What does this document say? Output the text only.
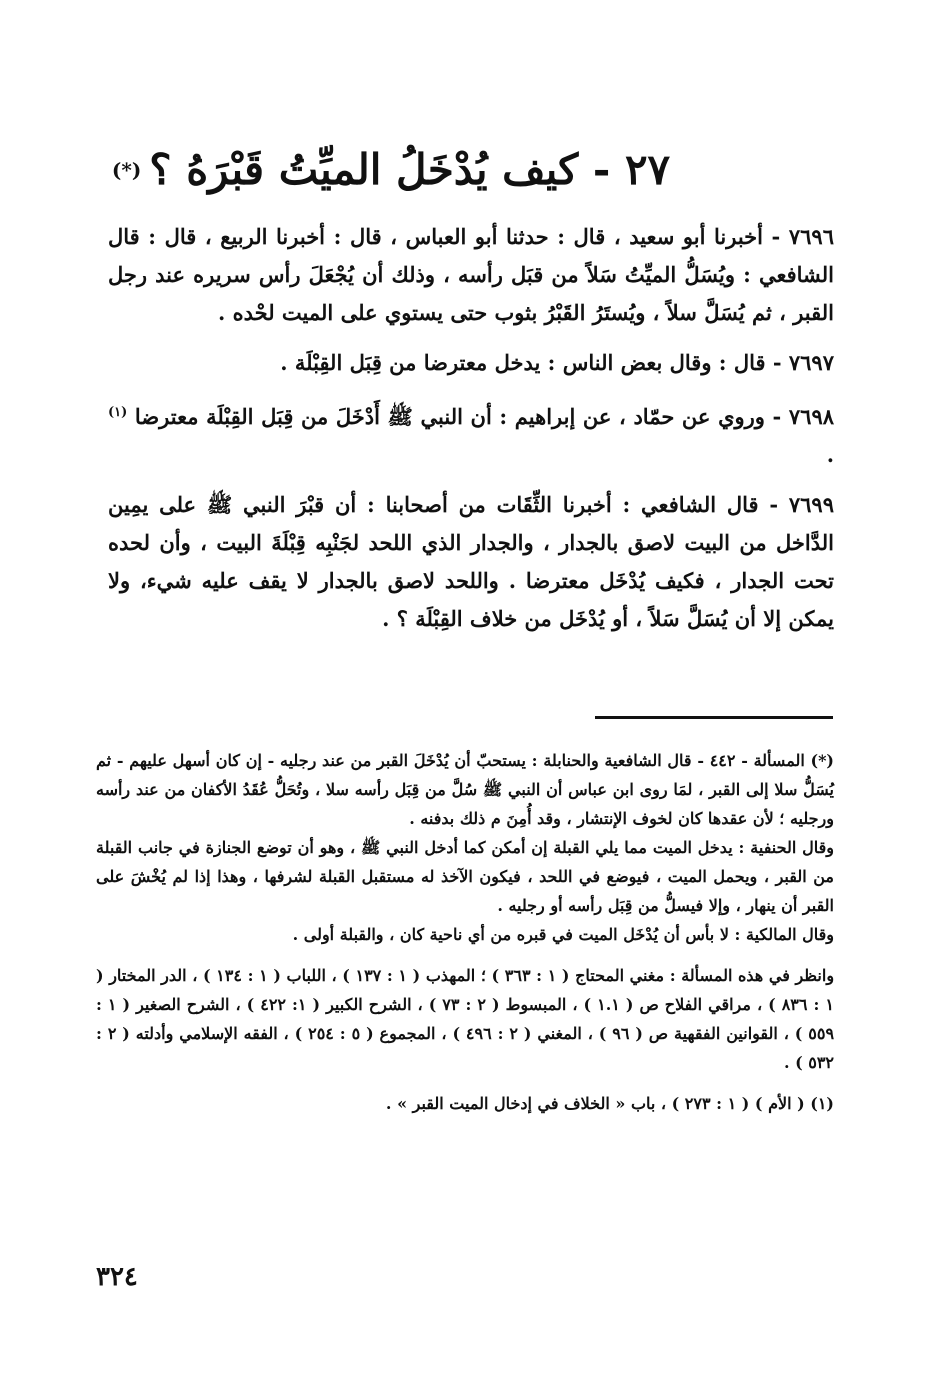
٢٧ - كيف يُدْخَلُ الميِّتُ قَبْرَهُ ؟(*)

٧٦٩٦ - أخبرنا أبو سعيد ، قال : حدثنا أبو العباس ، قال : أخبرنا الربيع ، قال : قال الشافعي : ويُسَلُّ الميِّتُ سَلاً من قبَل رأسه ، وذلك أن يُجْعَلَ رأس سريره عند رجل القبر ، ثم يُسَلَّ سلاً ، ويُستَرُ القَبْرُ بثوب حتى يستوي على الميت لحْده .

٧٦٩٧ - قال : وقال بعض الناس : يدخل معترضا من قِبَل القِبْلَة .

٧٦٩٨ - وروي عن حمّاد ، عن إبراهيم : أن النبي ﷺ أَدْخَلَ من قِبَل القِبْلَة معترضا $^{(١)}$ .

٧٦٩٩ - قال الشافعي : أخبرنا الثِّقَات من أصحابنا : أن قبْرَ النبي ﷺ على يمِين الدَّاخل من البيت لاصق بالجدار ، والجدار الذي اللحد لجَنْبِه قِبْلَةَ البيت ، وأن لحده تحت الجدار ، فكيف يُدْخَل معترضا . واللحد لاصق بالجدار لا يقف عليه شيء، ولا يمكن إلا أن يُسَلَّ سَلاً ، أو يُدْخَل من خلاف القِبْلَة ؟ .

(*) المسألة - ٤٤٢ - قال الشافعية والحنابلة : يستحبّ أن يُدْخَلَ القبر من عند رجليه - إن كان أسهل عليهم - ثم يُسَلُّ سلا إلى القبر ، لمَا روى ابن عباس أن النبي ﷺ سُلَّ من قِبَل رأسه سلا ، وتُحَلُّ عُقَدُ الأكفان من عند رأسه ورجليه ؛ لأن عقدها كان لخوف الإنتشار ، وقد أُمِنَ م ذلك بدفنه .

وقال الحنفية : يدخل الميت مما يلي القبلة إن أمكن كما أدخل النبي ﷺ ، وهو أن توضع الجنازة في جانب القبلة من القبر ، ويحمل الميت ، فيوضع في اللحد ، فيكون الآخذ له مستقبل القبلة لشرفها ، وهذا إذا لم يُخْشَ على القبر أن ينهار ، وإلا فيسلُّ من قِبَل رأسه أو رجليه .

وقال المالكية : لا بأس أن يُدْخَل الميت في قبره من أي ناحية كان ، والقبلة أولى .

وانظر في هذه المسألة : مغني المحتاج ( ١ : ٣٦٣ ) ؛ المهذب ( ١ : ١٣٧ ) ، اللباب ( ١ : ١٣٤ ) ، الدر المختار ( ١ : ٨٣٦ ) ، مراقي الفلاح ص ( ١.١ ) ، المبسوط ( ٢ : ٧٣ ) ، الشرح الكبير ( ١: ٤٢٢ ) ، الشرح الصغير ( ١ : ٥٥٩ ) ، القوانين الفقهية ص ( ٩٦ ) ، المغني ( ٢ : ٤٩٦ ) ، المجموع ( ٥ : ٢٥٤ ) ، الفقه الإسلامي وأدلته ( ٢ : ٥٣٢ ) .

(١) ( الأم ) ( ١ : ٢٧٣ ) ، باب « الخلاف في إدخال الميت القبر » .

٣٢٤
